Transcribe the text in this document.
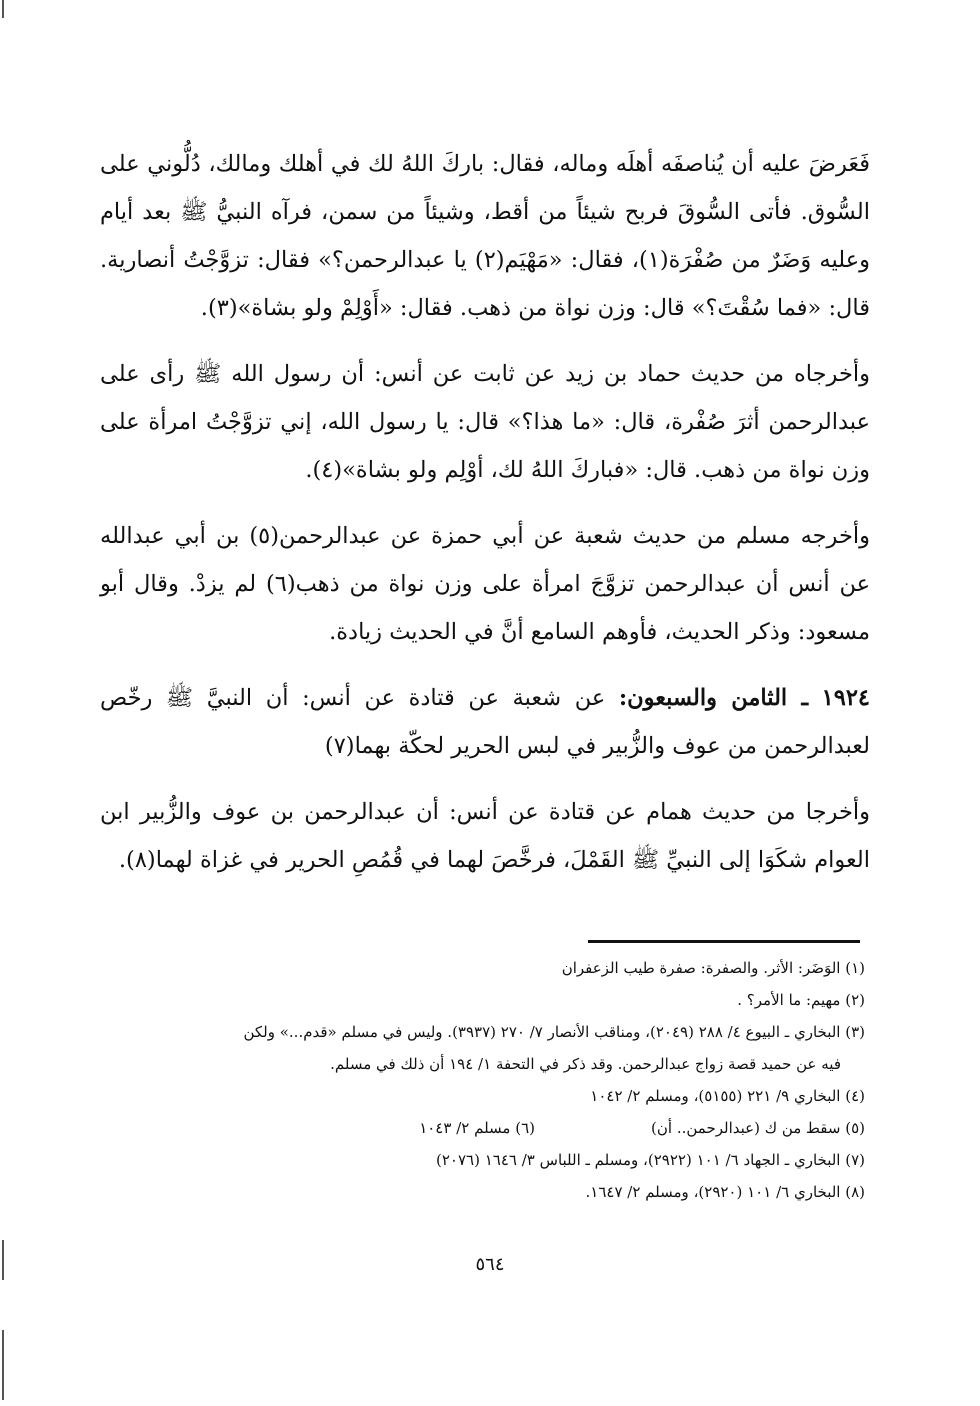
فَعَرضَ عليه أن يُناصفَه أهلَه وماله، فقال: باركَ اللهُ لك في أهلك ومالك، دُلُّوني على السُّوق. فأتى السُّوقَ فربح شيئاً من أقط، وشيئاً من سمن، فرآه النبيُّ ﷺ بعد أيام وعليه وَضَرٌ من صُفْرَة(١)، فقال: «مَهْيَم(٢) يا عبدالرحمن؟» فقال: تزوَّجْتُ أنصارية. قال: «فما سُقْتَ؟» قال: وزن نواة من ذهب. فقال: «أَوْلِمْ ولو بشاة»(٣).

وأخرجاه من حديث حماد بن زيد عن ثابت عن أنس: أن رسول الله ﷺ رأى على عبدالرحمن أثرَ صُفْرة، قال: «ما هذا؟» قال: يا رسول الله، إني تزوَّجْتُ امرأة على وزن نواة من ذهب. قال: «فباركَ اللهُ لك، أوْلِم ولو بشاة»(٤).

وأخرجه مسلم من حديث شعبة عن أبي حمزة عن عبدالرحمن(٥) بن أبي عبدالله عن أنس أن عبدالرحمن تزوَّجَ امرأة على وزن نواة من ذهب(٦) لم يزدْ. وقال أبو مسعود: وذكر الحديث، فأوهم السامع أنَّ في الحديث زيادة.

١٩٢٤ ـ الثامن والسبعون: عن شعبة عن قتادة عن أنس: أن النبيَّ ﷺ رخّص لعبدالرحمن من عوف والزُّبير في لبس الحرير لحكّة بهما(٧)

وأخرجا من حديث همام عن قتادة عن أنس: أن عبدالرحمن بن عوف والزُّبير ابن العوام شكَوَا إلى النبيِّ ﷺ القَمْلَ، فرخَّصَ لهما في قُمُصِ الحرير في غزاة لهما(٨).

(١) الوَضَر: الأثر. والصفرة: صفرة طيب الزعفران

(٢) مهيم: ما الأمر؟ .

(٣) البخاري ـ البيوع ٤/ ٢٨٨ (٢٠٤٩)، ومناقب الأنصار ٧/ ٢٧٠ (٣٩٣٧). وليس في مسلم «قدم...» ولكن

فيه عن حميد قصة زواج عبدالرحمن. وقد ذكر في التحفة ١/ ١٩٤ أن ذلك في مسلم.

(٤) البخاري ٩/ ٢٢١ (٥١٥٥)، ومسلم ٢/ ١٠٤٢

(٥) سقط من ك (عبدالرحمن.. أن)
(٦) مسلم ٢/ ١٠٤٣

(٧) البخاري ـ الجهاد ٦/ ١٠١ (٢٩٢٢)، ومسلم ـ اللباس ٣/ ١٦٤٦ (٢٠٧٦)

(٨) البخاري ٦/ ١٠١ (٢٩٢٠)، ومسلم ٢/ ١٦٤٧.

٥٦٤
